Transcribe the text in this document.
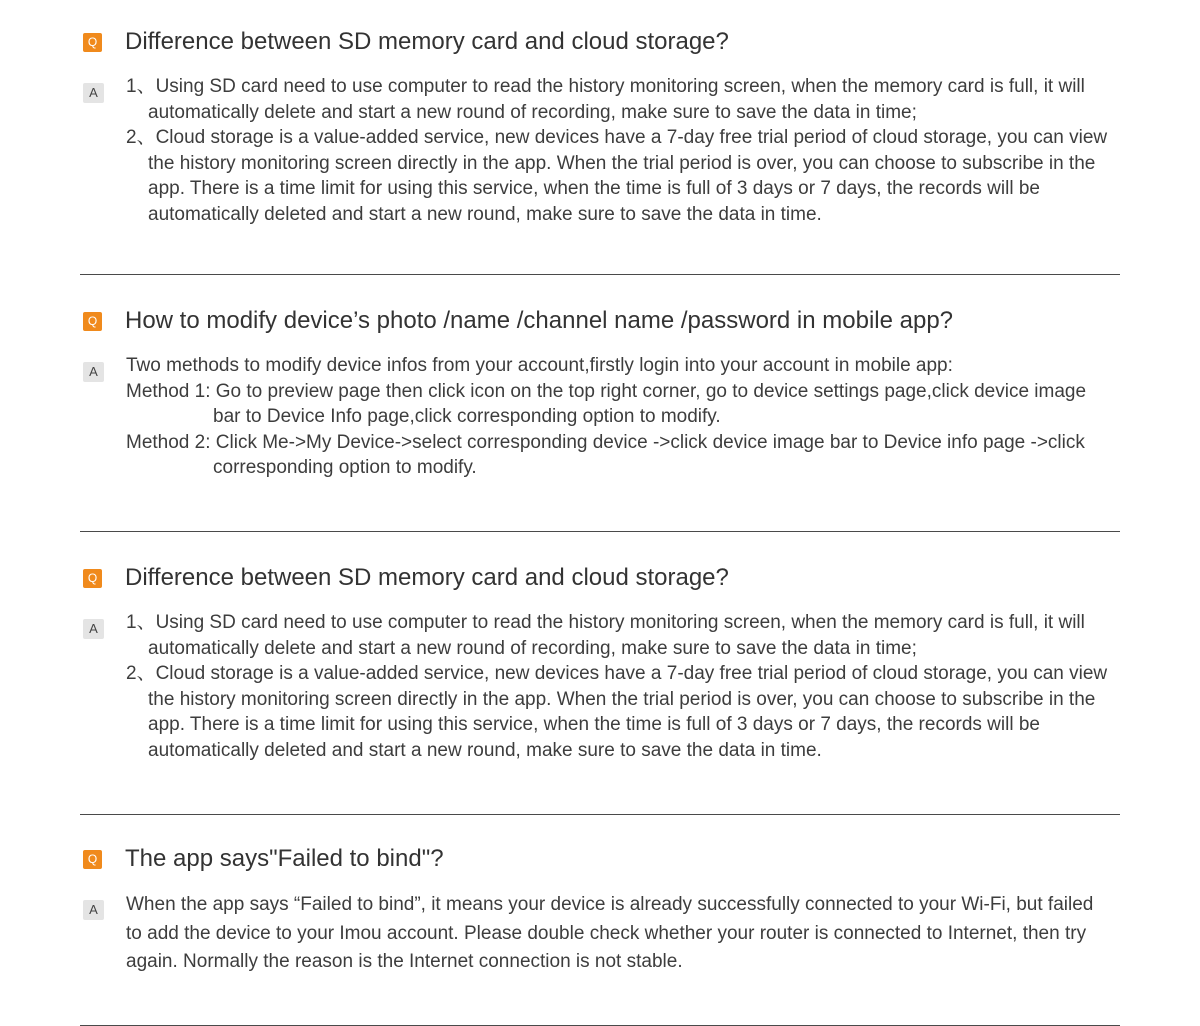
Q Difference between SD memory card and cloud storage?
A	1、Using SD card need to use computer to read the history monitoring screen, when the memory card is full, it will
automatically delete and start a new round of recording, make sure to save the data in time;
2、Cloud storage is a value-added service, new devices have a 7-day free trial period of cloud storage, you can view
the history monitoring screen directly in the app. When the trial period is over, you can choose to subscribe in the
app. There is a time limit for using this service, when the time is full of 3 days or 7 days, the records will be
automatically deleted and start a new round, make sure to save the data in time.
Q How to modify device’s photo /name /channel name /password in mobile app?
A	Two methods to modify device infos from your account,firstly login into your account in mobile app:
Method 1: Go to preview page then click icon on the top right corner, go to device settings page,click device image
bar to Device Info page,click corresponding option to modify.
Method 2: Click Me->My Device->select corresponding device ->click device image bar to Device info page ->click
corresponding option to modify.
Q Difference between SD memory card and cloud storage?
A	1、Using SD card need to use computer to read the history monitoring screen, when the memory card is full, it will
automatically delete and start a new round of recording, make sure to save the data in time;
2、Cloud storage is a value-added service, new devices have a 7-day free trial period of cloud storage, you can view
the history monitoring screen directly in the app. When the trial period is over, you can choose to subscribe in the
app. There is a time limit for using this service, when the time is full of 3 days or 7 days, the records will be
automatically deleted and start a new round, make sure to save the data in time.
Q The app says"Failed to bind"?
A	When the app says “Failed to bind”, it means your device is already successfully connected to your Wi-Fi, but failed
to add the device to your Imou account. Please double check whether your router is connected to Internet, then try
again. Normally the reason is the Internet connection is not stable.
